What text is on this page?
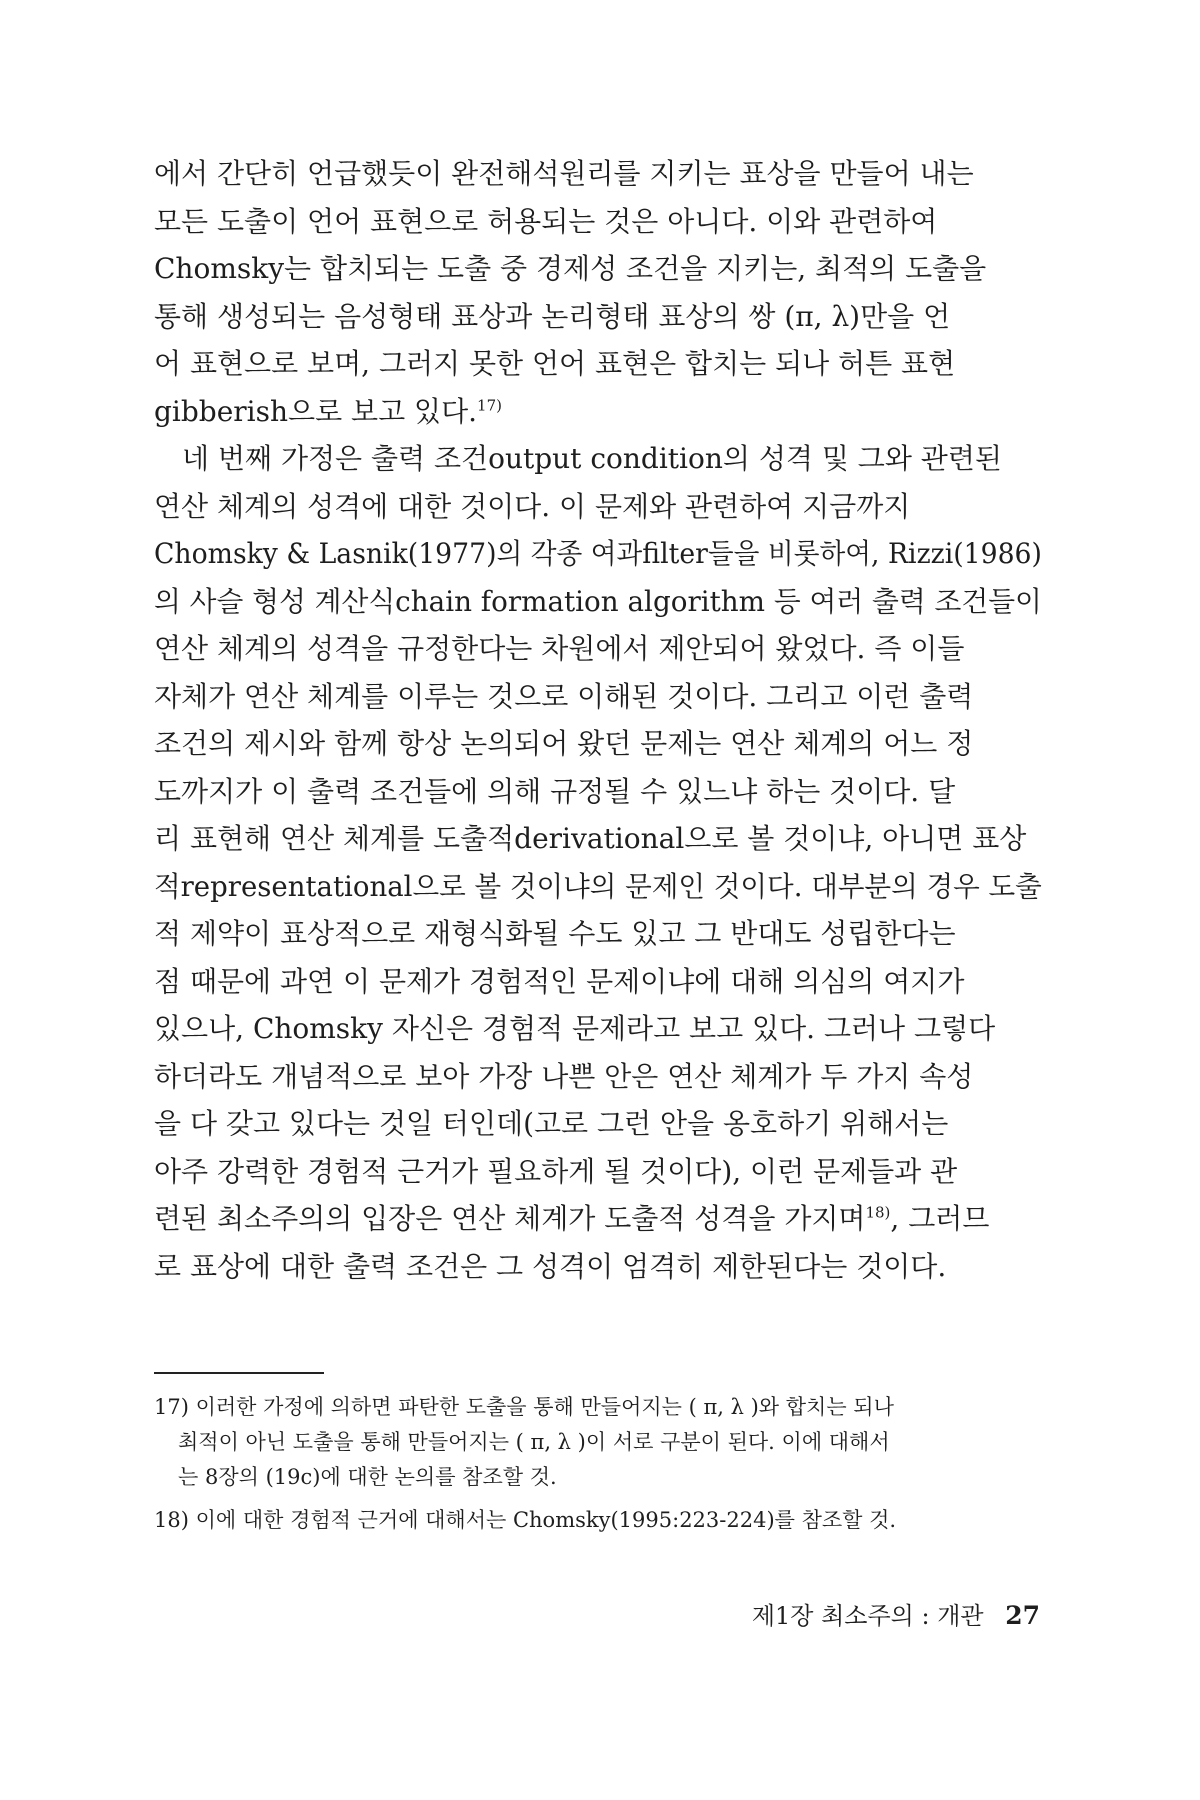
에서 간단히 언급했듯이 완전해석원리를 지키는 표상을 만들어 내는
모든 도출이 언어 표현으로 허용되는 것은 아니다. 이와 관련하여
Chomsky는 합치되는 도출 중 경제성 조건을 지키는, 최적의 도출을
통해 생성되는 음성형태 표상과 논리형태 표상의 쌍 (π, λ)만을 언
어 표현으로 보며, 그러지 못한 언어 표현은 합치는 되나 허튼 표현
gibberish으로 보고 있다.$^{17)}$
네 번째 가정은 출력 조건output condition의 성격 및 그와 관련된
연산 체계의 성격에 대한 것이다. 이 문제와 관련하여 지금까지
Chomsky & Lasnik(1977)의 각종 여과filter들을 비롯하여, Rizzi(1986)
의 사슬 형성 계산식chain formation algorithm 등 여러 출력 조건들이
연산 체계의 성격을 규정한다는 차원에서 제안되어 왔었다. 즉 이들
자체가 연산 체계를 이루는 것으로 이해된 것이다. 그리고 이런 출력
조건의 제시와 함께 항상 논의되어 왔던 문제는 연산 체계의 어느 정
도까지가 이 출력 조건들에 의해 규정될 수 있느냐 하는 것이다. 달
리 표현해 연산 체계를 도출적derivational으로 볼 것이냐, 아니면 표상
적representational으로 볼 것이냐의 문제인 것이다. 대부분의 경우 도출
적 제약이 표상적으로 재형식화될 수도 있고 그 반대도 성립한다는
점 때문에 과연 이 문제가 경험적인 문제이냐에 대해 의심의 여지가
있으나, Chomsky 자신은 경험적 문제라고 보고 있다. 그러나 그렇다
하더라도 개념적으로 보아 가장 나쁜 안은 연산 체계가 두 가지 속성
을 다 갖고 있다는 것일 터인데(고로 그런 안을 옹호하기 위해서는
아주 강력한 경험적 근거가 필요하게 될 것이다), 이런 문제들과 관
련된 최소주의의 입장은 연산 체계가 도출적 성격을 가지며$^{18)}$, 그러므
로 표상에 대한 출력 조건은 그 성격이 엄격히 제한된다는 것이다.
17) 이러한 가정에 의하면 파탄한 도출을 통해 만들어지는 ( π, λ )와 합치는 되나
최적이 아닌 도출을 통해 만들어지는 ( π, λ )이 서로 구분이 된다. 이에 대해서
는 8장의 (19c)에 대한 논의를 참조할 것.
18) 이에 대한 경험적 근거에 대해서는 Chomsky(1995:223-224)를 참조할 것.
제1장 최소주의 : 개관 27
